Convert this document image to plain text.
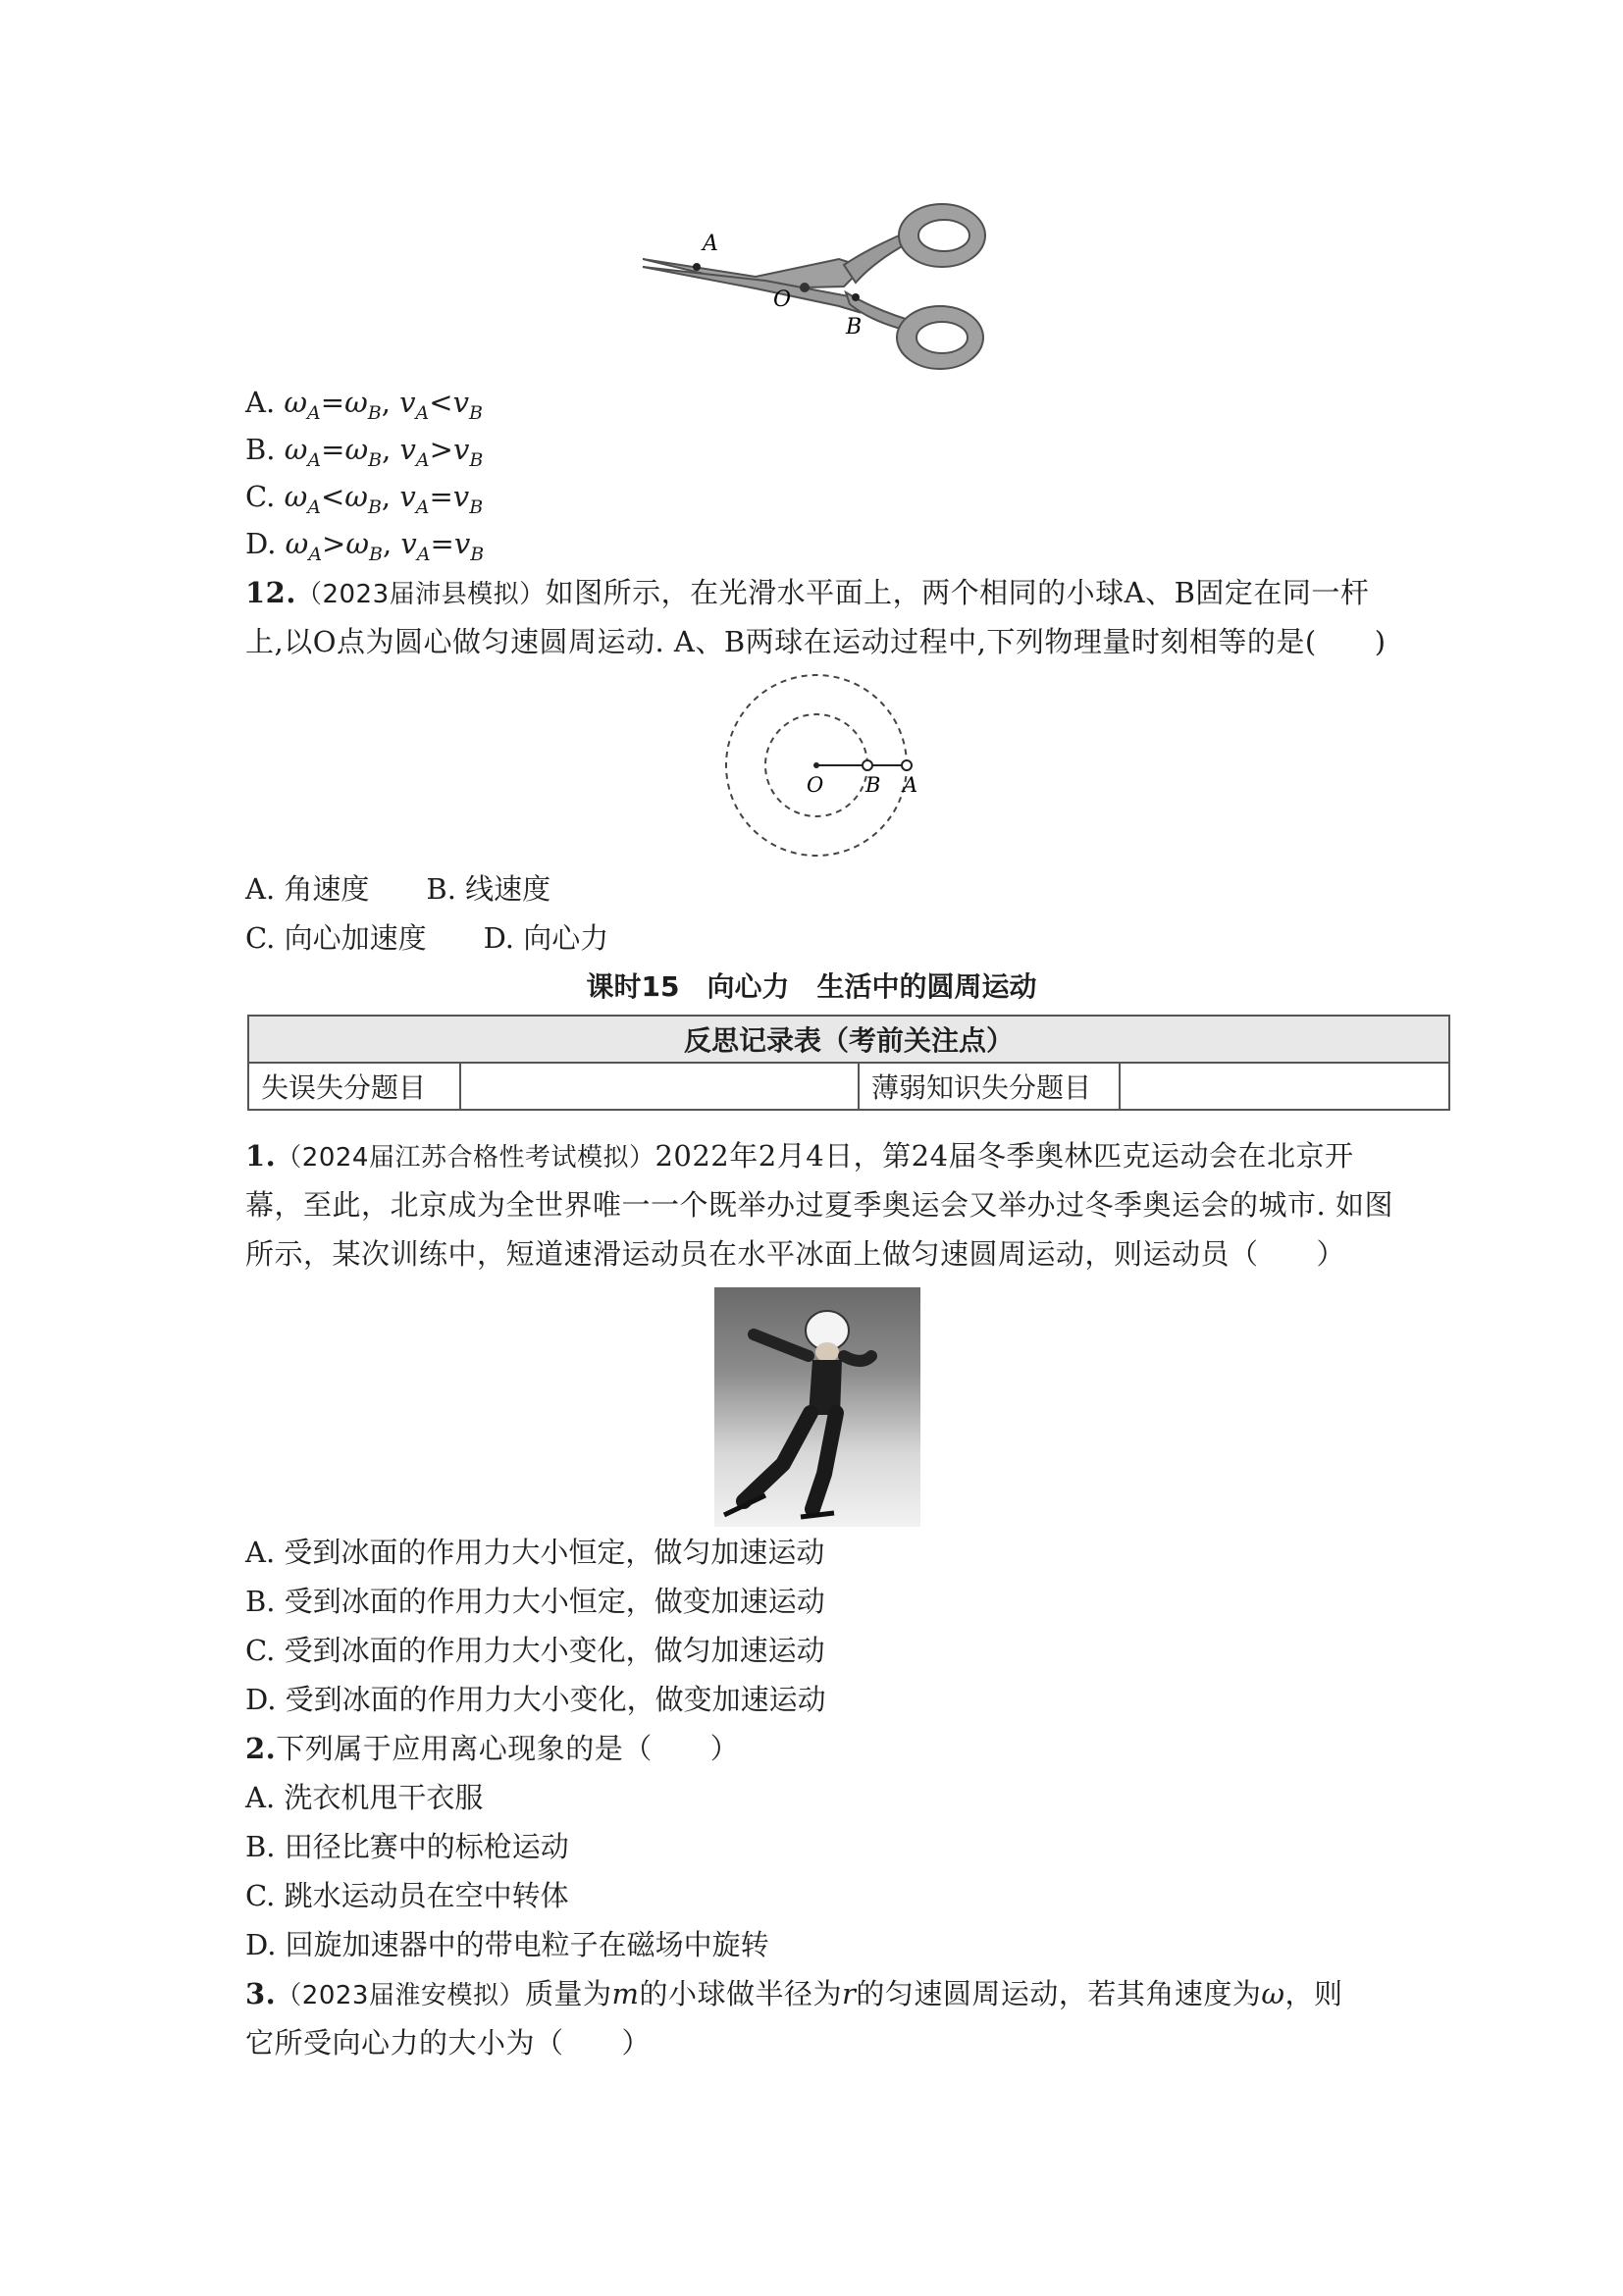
A
O
B
A. $\omega_A=\omega_B$, $v_A<v_B$
B. $\omega_A=\omega_B$, $v_A>v_B$
C. $\omega_A<\omega_B$, $v_A=v_B$
D. $\omega_A>\omega_B$, $v_A=v_B$
12.（2023届沛县模拟）如图所示，在光滑水平面上，两个相同的小球A、B固定在同一杆
上,以O点为圆心做匀速圆周运动. A、B两球在运动过程中,下列物理量时刻相等的是(　　)
O B A
A. 角速度　　B. 线速度
C. 向心加速度　　D. 向心力
课时15　向心力　生活中的圆周运动
反思记录表（考前关注点）
失误失分题目		薄弱知识失分题目	
1.（2024届江苏合格性考试模拟）2022年2月4日，第24届冬季奥林匹克运动会在北京开
幕，至此，北京成为全世界唯一一个既举办过夏季奥运会又举办过冬季奥运会的城市. 如图
所示，某次训练中，短道速滑运动员在水平冰面上做匀速圆周运动，则运动员（　　）
A. 受到冰面的作用力大小恒定，做匀加速运动
B. 受到冰面的作用力大小恒定，做变加速运动
C. 受到冰面的作用力大小变化，做匀加速运动
D. 受到冰面的作用力大小变化，做变加速运动
2.下列属于应用离心现象的是（　　）
A. 洗衣机甩干衣服
B. 田径比赛中的标枪运动
C. 跳水运动员在空中转体
D. 回旋加速器中的带电粒子在磁场中旋转
3.（2023届淮安模拟）质量为m的小球做半径为r的匀速圆周运动，若其角速度为ω，则
它所受向心力的大小为（　　）
